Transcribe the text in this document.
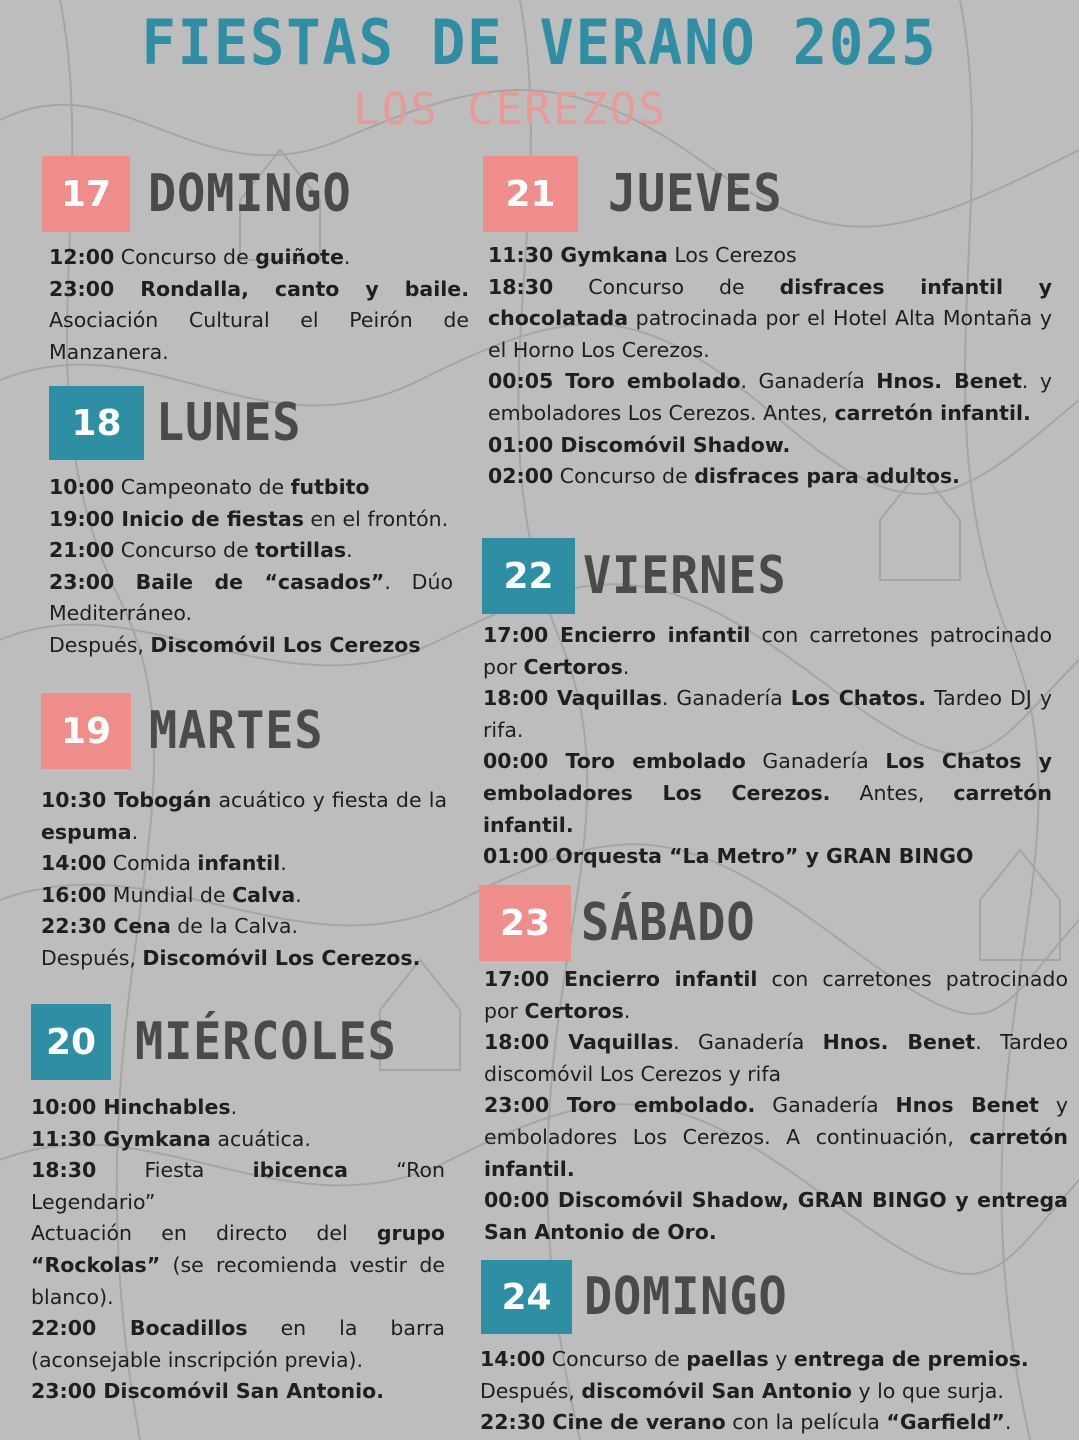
FIESTAS DE VERANO 2025
LOS CEREZOS
17 DOMINGO

12:00 Concurso de guiñote.

23:00 Rondalla, canto y baile. Asociación Cultural el Peirón de Manzanera.

18 LUNES

10:00 Campeonato de futbito

19:00 Inicio de fiestas en el frontón.

21:00 Concurso de tortillas.

23:00 Baile de “casados”. Dúo Mediterráneo.

Después, Discomóvil Los Cerezos

19 MARTES

10:30 Tobogán acuático y fiesta de la espuma.

14:00 Comida infantil.

16:00 Mundial de Calva.

22:30 Cena de la Calva.

Después, Discomóvil Los Cerezos.

20 MIÉRCOLES

10:00 Hinchables.

11:30 Gymkana acuática.

18:30 Fiesta ibicenca “Ron Legendario”

Actuación en directo del grupo “Rockolas” (se recomienda vestir de blanco).

22:00 Bocadillos en la barra (aconsejable inscripción previa).

23:00 Discomóvil San Antonio.

21	JUEVES

11:30 Gymkana Los Cerezos

18:30 Concurso de disfraces infantil y chocolatada patrocinada por el Hotel Alta Montaña y el Horno Los Cerezos.

00:05 Toro embolado. Ganadería Hnos. Benet. y emboladores Los Cerezos. Antes, carretón infantil.

01:00 Discomóvil Shadow.

02:00 Concurso de disfraces para adultos.

22 VIERNES

17:00 Encierro infantil con carretones patrocinado por Certoros.

18:00 Vaquillas. Ganadería Los Chatos. Tardeo DJ y rifa.

00:00 Toro embolado Ganadería Los Chatos y emboladores Los Cerezos. Antes, carretón infantil.

01:00 Orquesta “La Metro” y GRAN BINGO

23 SÁBADO

17:00 Encierro infantil con carretones patrocinado por Certoros.

18:00 Vaquillas. Ganadería Hnos. Benet. Tardeo discomóvil Los Cerezos y rifa

23:00 Toro embolado. Ganadería Hnos Benet y emboladores Los Cerezos. A continuación, carretón infantil.

00:00 Discomóvil Shadow, GRAN BINGO y entrega San Antonio de Oro.

24 DOMINGO

14:00 Concurso de paellas y entrega de premios.

Después, discomóvil San Antonio y lo que surja.

22:30 Cine de verano con la película “Garfield”.
